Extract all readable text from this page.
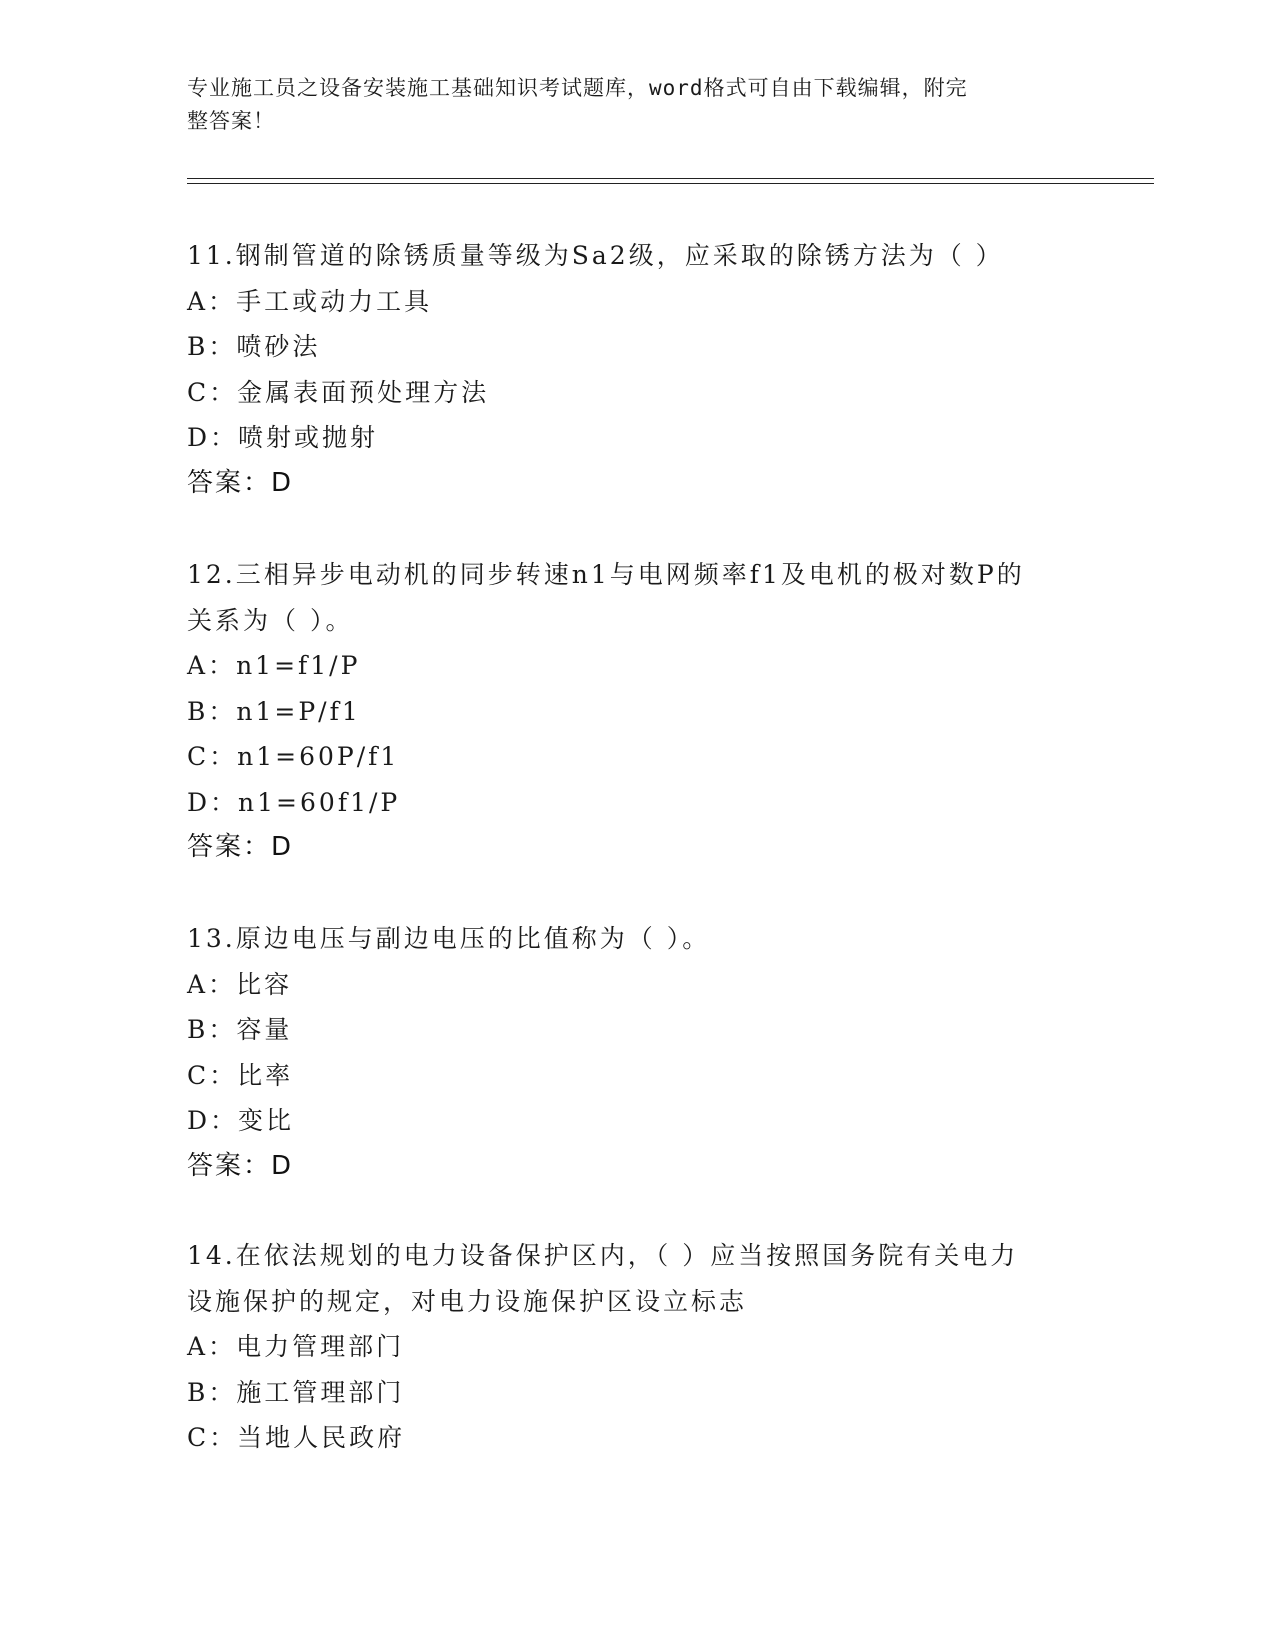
专业施工员之设备安装施工基础知识考试题库，word格式可自由下载编辑，附完
整答案！
11.钢制管道的除锈质量等级为Sa2级，应采取的除锈方法为（ ）
A：手工或动力工具
B：喷砂法
C：金属表面预处理方法
D：喷射或抛射
答案：D
12.三相异步电动机的同步转速n1与电网频率f1及电机的极对数P的
关系为（ ）。
A：n1=f1/P
B：n1=P/f1
C：n1=60P/f1
D：n1=60f1/P
答案：D
13.原边电压与副边电压的比值称为（ ）。
A：比容
B：容量
C：比率
D：变比
答案：D
14.在依法规划的电力设备保护区内，（ ）应当按照国务院有关电力
设施保护的规定，对电力设施保护区设立标志
A：电力管理部门
B：施工管理部门
C：当地人民政府
